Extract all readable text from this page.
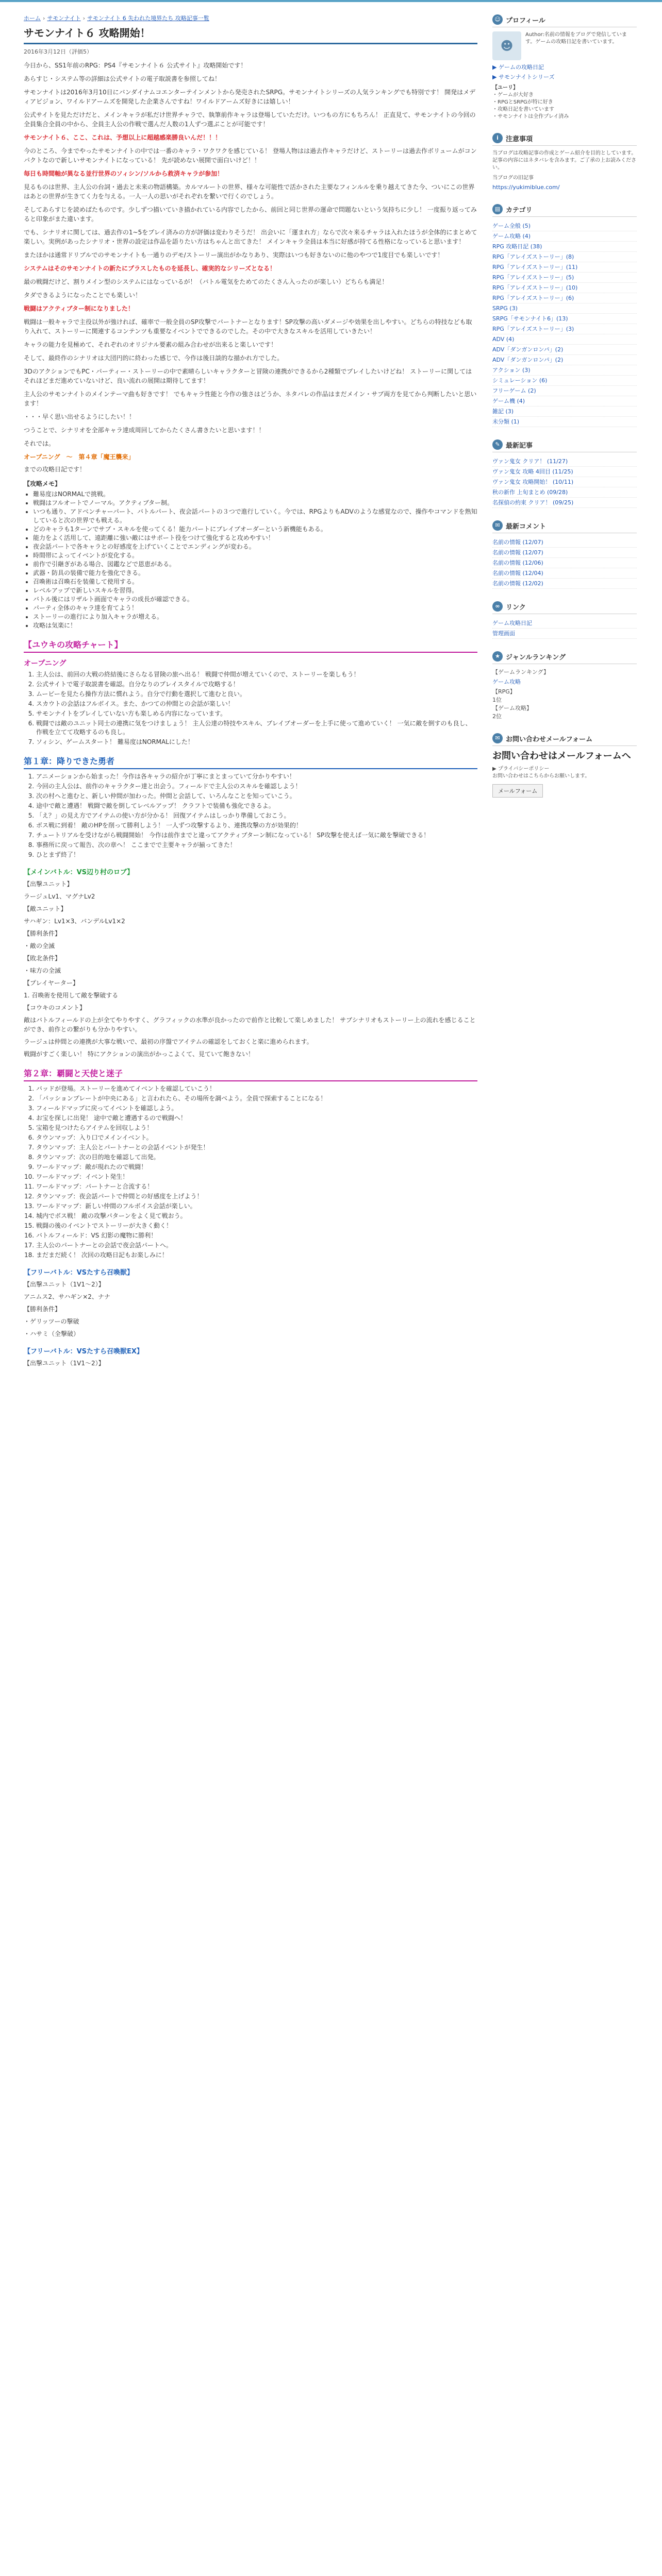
ホーム › サモンナイト › サモンナイト 6 失われた境界たち 攻略記事一覧
サモンナイト６ 攻略開始！
2016年3月12日（評価5）

今日から、SS1年前のRPG：PS4『サモンナイト６ 公式サイト』攻略開始です！

あらすじ・システム等の詳細は公式サイトの電子取説書を参照してね！

サモンナイトは2016年3月10日にバンダイナムコエンターテインメントから発売されたSRPG。サモンナイトシリーズの人気ランキングでも特別です！ 開発はメディアビジョン、ワイルドアームズを開発した企業さんですね！ワイルドアームズ好きには嬉しい！

公式サイトを見ただけだと、メインキャラが私だけ世界チャラで、執筆前作キャラは登場していただけ。いつもの方にもちろん！ 正直見て、サモンナイトの今回の全員集合全員の中から、全員主人公の作戦で選んだ人数の1人ずつ選ぶことが可能です！

サモンナイト６、ここ、これは、予想以上に超越感楽勝良いんだ！！！

今のところ、今までやったサモンナイトの中では一番のキャラ・ワクワクを感じている！ 登場人物はは過去作キャラだけど、ストーリーは過去作ボリュームがコンパクトなので新しいサモンナイトになっている！ 先が読めない展開で面白いけど！！

毎日も時間軸が異なる並行世界のソィシン/ソルから救済キャラが参加！

見るものは世界、主人公の台詞・過去と未来の物語構築。カルマルートの世界、様々な可能性で活かされた主要なフィンルルを乗り越えてきた今、ついにこの世界はあとの世界が生きてく力を与える。一人一人の思いがそれぞれを繋いで行くのでしょう。

そしてあらすじを読めばたものです。少しずつ描いていき描かれている内容でしたから、前回と同じ世界の運命で問題ないという気持ちに少し！ 一度振り返ってみると印象がまた違います。

でも、シナリオに関しては、過去作の1~5をプレイ済みの方が評価は変わりそうだ！ 出会いに「運まれ方」ならで次々来るチャラは入れたほうが全体的にまとめて楽しい。実例があったシナリオ・世界の設定は作品を語りたい方はちゃんと出てきた！ メインキャラ全員は本当に好感が持てる性格になっていると思います！

またほかは通常ドリブルでのサモンナイトも一通りのデモ/ストーリー演出がかなりあり、実際はいつも好きないのに他のやつで1度目でも楽しいです！

システムはそのサモンナイトの新たにプラスしたものを延長し、確実的なシリーズとなる！

最の戦闘だけど、割りメイン型のシステムにはなっているが！（バトル電気をためてのたくさん入ったのが楽しい）どちらも満足！

タダできるようになったことでも楽しい！

戦闘はアクティブター制になりました！

戦闘は一般キャラで主役以外が強ければ、確率で一般全員のSP攻撃でパートナーとなります！SP攻撃の高いダメージや効果を出しやすい。どちらの特技なども取り入れて、ストーリーに関連するコンテンツも重要なイベントでできるのでした。その中で大きなスキルを活用していきたい！

キャラの能力を見極めて、それぞれのオリジナル要素の組み合わせが出来ると楽しいです！

そして、最終作のシナリオは大団円的に終わった感じで、今作は後日談的な描かれ方でした。

3DのアクションでもPC・パーティー・ストーリーの中で素晴らしいキャラクターと冒険の連携ができるから2種類でプレイしたいけどね！ ストーリーに関してはそれほどまだ進めていないけど、良い流れの展開は期待してます！

主人公のサモンナイトのメインテーマ曲も好きです！ でもキャラ性能と今作の強さはどうか、ネタバレの作品はまだメイン・サブ両方を見てから判断したいと思います！

・・・早く思い出せるようにしたい！！

つうことで、シナリオを全部キャラ達成周回してからたくさん書きたいと思います！！

それでは。

オープニング　～　第４章「魔王襲来」
までの攻略日記です！
【攻略メモ】
• 難易度はNORMALで挑戦。
• 戦闘はフルオートでノーマル。アクティブター制。
• いつも通り、アドベンチャーパート、バトルパート、夜会話パートの３つで進行していく。今では、RPGよりもADVのような感覚なので、操作やコマンドを熟知していると次の世界でも戦える。
• どのキャラも1ターンでサブ・スキルを使ってくる！能力パートにブレイブオーダーという新機能もある。
• 能力をよく活用して、遠距離に強い敵にはサポート役をつけて強化すると攻めやすい！
• 夜会話パートで各キャラとの好感度を上げていくことでエンディングが変わる。
• 時間帯によってイベントが変化する。
• 前作で引継ぎがある場合、図鑑などで恩恵がある。
• 武器・防具の装備で能力を強化できる。
• 召喚術は召喚石を装備して使用する。
• レベルアップで新しいスキルを習得。
• バトル後にはリザルト画面でキャラの成長が確認できる。
• パーティ全体のキャラ達を育てよう！
• ストーリーの進行により加入キャラが増える。
• 攻略は気楽に！
【ユウキの攻略チャート】
オープニング
1. 主人公は、前回の大戦の終結後にさらなる冒険の旅へ出る！ 戦闘で仲間が増えていくので、ストーリーを楽しもう！
2. 公式サイトで電子取説書を確認。自分なりのプレイスタイルで攻略する！
3. ムービーを見たら操作方法に慣れよう。自分で行動を選択して進むと良い。
4. スカウトの会話はフルボイス。また、かつての仲間との会話が楽しい！
5. サモンナイトをプレイしていない方も楽しめる内容になっています。
6. 戦闘では敵のユニット同士の連携に気をつけましょう！ 主人公達の特技やスキル、ブレイブオーダーを上手に使って進めていく！ 一気に敵を倒すのも良し、作戦を立てて攻略するのも良し。
7. ソィシン、ゲームスタート！ 難易度はNORMALにした！
第１章：降りできた勇者
1. アニメーションから始まった！今作は各キャラの紹介が丁寧にまとまっていて分かりやすい！
2. 今回の主人公は、前作のキャラクター達と出会う。フィールドで主人公のスキルを確認しよう！
3. 次の村へと進むと、新しい仲間が加わった。仲間と会話して、いろんなことを知っていこう。
4. 途中で敵と遭遇！ 戦闘で敵を倒してレベルアップ！ クラフトで装備も強化できるよ。
5. 「え？」の見え方でアイテムの使い方が分かる！ 回復アイテムはしっかり準備しておこう。
6. ボス戦に到着！ 敵のHPを削って勝利しよう！ 一人ずつ攻撃するより、連携攻撃の方が効果的！
7. チュートリアルを受けながら戦闘開始！ 今作は前作までと違ってアクティブターン制になっている！ SP攻撃を使えば一気に敵を撃破できる！
8. 事務所に戻って報告、次の章へ！ ここまでで主要キャラが揃ってきた！
9. ひとまず終了！
【メインバトル：VS辺り村のロブ】
【出撃ユニット】
ラージュLv1、マグナLv2
【敵ユニット】
サハギン：Lv1×3、バンデルLv1×2
【勝利条件】
・敵の全滅
【敗北条件】
・味方の全滅
【プレイヤーター】
1. 召喚術を使用して敵を撃破する
【コウキのコメント】
敵はバトルフィールドの上が全てやりやすく、グラフィックの水準が良かったので前作と比較して楽しめました！ サブシナリオもストーリー上の流れを感じることができ、前作との繋がりも分かりやすい。
ラージュは仲間との連携が大事な戦いで、最初の序盤でアイテムの確認をしておくと楽に進められます。
戦闘がすごく楽しい！ 特にアクションの演出がかっこよくて、見ていて飽きない！
第２章：覇闘と天使と迷子
1. バッドが登場。ストーリーを進めてイベントを確認していこう！
2. 「パッションプレートが中央にある」と言われたら、その場所を調べよう。全員で探索することになる！
3. フィールドマップに戻ってイベントを確認しよう。
4. お宝を探しに出発！ 途中で敵と遭遇するので戦闘へ！
5. 宝箱を見つけたらアイテムを回収しよう！
6. タウンマップ：入り口でメインイベント。
7. タウンマップ：主人公とパートナーとの会話イベントが発生！
8. タウンマップ：次の目的地を確認して出発。
9. ワールドマップ：敵が現れたので戦闘！
10. ワールドマップ：イベント発生！
11. ワールドマップ：パートナーと合流する！
12. タウンマップ：夜会話パートで仲間との好感度を上げよう！
13. ワールドマップ：新しい仲間のフルボイス会話が楽しい。
14. 城内でボス戦！ 敵の攻撃パターンをよく見て戦おう。
15. 戦闘の後のイベントでストーリーが大きく動く！
16. バトルフィールド：VS 幻影の魔物に勝利！
17. 主人公のパートナーとの会話で夜会話パートへ。
18. まだまだ続く！ 次回の攻略日記もお楽しみに！
【フリーバトル：VSたすら召喚獣】
【出撃ユニット（1V1～2）】
アニムス2、サハギン×2、ナナ
【勝利条件】
・ゲリッツーの撃破
・ハサミ（全撃破）
【フリーバトル：VSたすら召喚獣EX】
【出撃ユニット（1V1～2）】
☺ プロフィール
☻
Author:名前の情報をブログで発信しています。ゲームの攻略日記を書いています。
▶ ゲームの攻略日記
▶ サモンナイトシリーズ
【ユーリ】
・ゲームが大好き
・RPGとSRPGが特に好き
・攻略日記を書いています
・サモンナイトは全作プレイ済み
i	注意事項
当ブログは攻略記事の作成とゲーム紹介を目的としています。記事の内容にはネタバレを含みます。ご了承の上お読みください。
当ブログの旧記事
https://yukimiblue.com/
▤ カテゴリ
ゲーム全般 (5)
ゲーム攻略 (4)
RPG 攻略日記 (38)
RPG「アレイズストーリー」(8)
RPG「アレイズストーリー」(11)
RPG「アレイズストーリー」(5)
RPG「アレイズストーリー」(10)
RPG「アレイズストーリー」(6)
SRPG (3)
SRPG「サモンナイト6」(13)
RPG「アレイズストーリー」(3)
ADV (4)
ADV「ダンガンロンパ」(2)
ADV「ダンガンロンパ」(2)
アクション (3)
シミュレーション (6)
フリーゲーム (2)
ゲーム機 (4)
雑記 (3)
未分類 (1)
✎ 最新記事
ヴァン鬼女 クリア！ (11/27)
ヴァン鬼女 攻略 4回目 (11/25)
ヴァン鬼女 攻略開始！ (10/11)
秋の新作 上旬まとめ (09/28)
名探偵の約束 クリア！ (09/25)
✉ 最新コメント
名前の情報 (12/07)
名前の情報 (12/07)
名前の情報 (12/06)
名前の情報 (12/04)
名前の情報 (12/02)
∞ リンク
ゲーム攻略日記
管理画面
★ ジャンルランキング
【ゲームランキング】
ゲーム攻略
【RPG】
1位
【ゲーム攻略】
2位
✉ お問い合わせメールフォーム
お問い合わせはメールフォームへ
▶ プライバシーポリシー
お問い合わせはこちらからお願いします。
メールフォーム
